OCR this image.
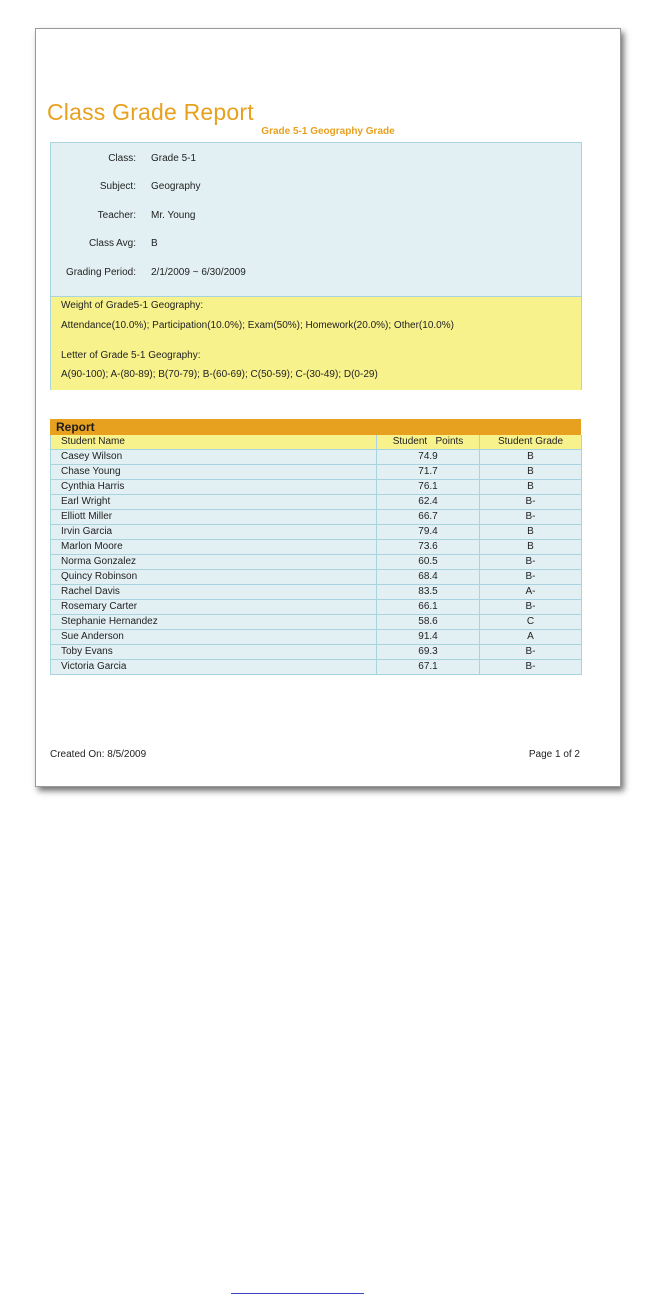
Class Grade Report
Grade 5-1 Geography Grade
Class: Grade 5-1
Subject: Geography
Teacher: Mr. Young
Class Avg: B
Grading Period: 2/1/2009 ~ 6/30/2009
Weight of Grade5-1 Geography:
Attendance(10.0%); Participation(10.0%); Exam(50%); Homework(20.0%); Other(10.0%)
Letter of Grade 5-1 Geography:
A(90-100); A-(80-89); B(70-79); B-(60-69); C(50-59); C-(30-49); D(0-29)
Report
Student Name	Student   Points	Student Grade
Casey Wilson	74.9	B
Chase Young	71.7	B
Cynthia Harris	76.1	B
Earl Wright	62.4	B-
Elliott Miller	66.7	B-
Irvin Garcia	79.4	B
Marlon Moore	73.6	B
Norma Gonzalez	60.5	B-
Quincy Robinson	68.4	B-
Rachel Davis	83.5	A-
Rosemary Carter	66.1	B-
Stephanie Hernandez	58.6	C
Sue Anderson	91.4	A
Toby Evans	69.3	B-
Victoria Garcia	67.1	B-
Created On: 8/5/2009	Page 1 of 2
